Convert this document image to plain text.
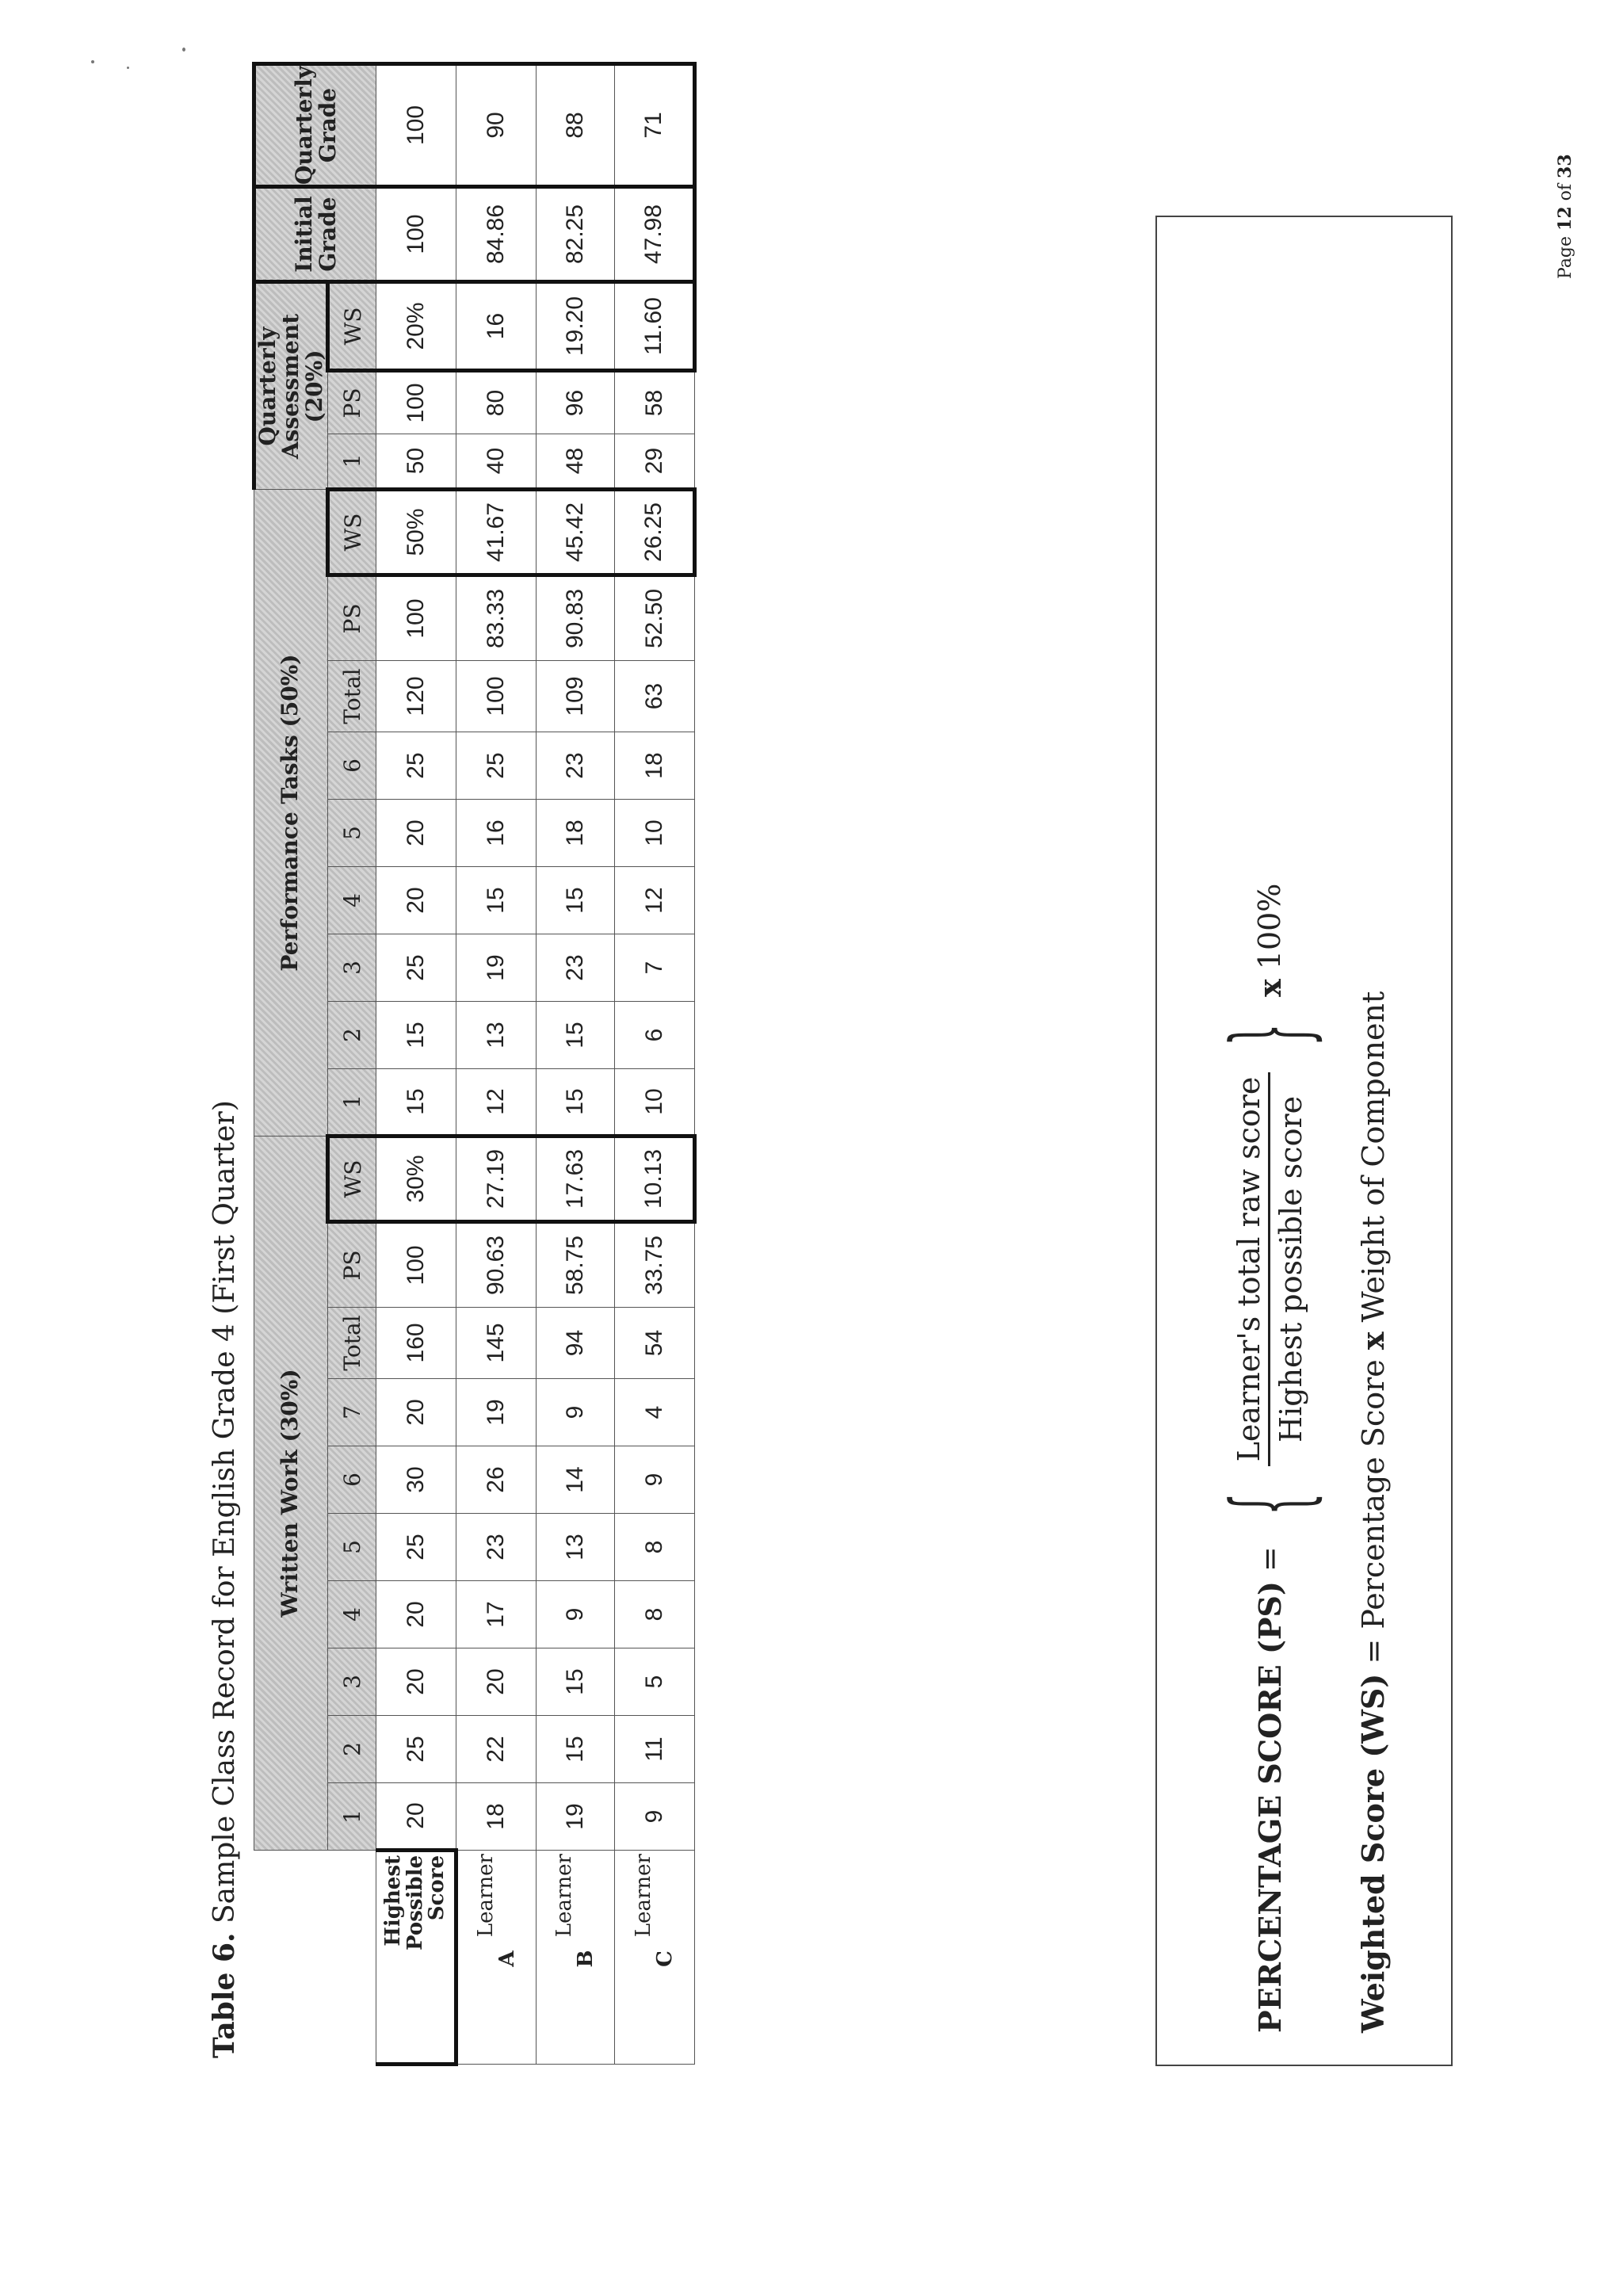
Table 6. Sample Class Record for English Grade 4 (First Quarter)
	Written Work (30%)										Performance Tasks (50%)									Quarterly Assessment (20%)			Initial Grade	Quarterly Grade
	1	2	3	4	5	6	7	Total	PS	WS	1	2	3	4	5	6	Total	PS	WS	1	PS	WS		
Highest
Possible
Score	20	25	20	20	25	30	20	160	100	30%	15	15	25	20	20	25	120	100	50%	50	100	20%	100	100
Learner
A	18	22	20	17	23	26	19	145	90.63	27.19	12	13	19	15	16	25	100	83.33	41.67	40	80	16	84.86	90
Learner
B	19	15	15	9	13	14	9	94	58.75	17.63	15	15	23	15	18	23	109	90.83	45.42	48	96	19.20	82.25	88
Learner
C	9	11	5	8	8	9	4	54	33.75	10.13	10	6	7	12	10	18	63	52.50	26.25	29	58	11.60	47.98	71
PERCENTAGE SCORE (PS)
=
{
Learner's total raw score Highest possible score
}
x
100%
Weighted Score (WS) = Percentage Score x Weight of Component
Page 12 of 33
